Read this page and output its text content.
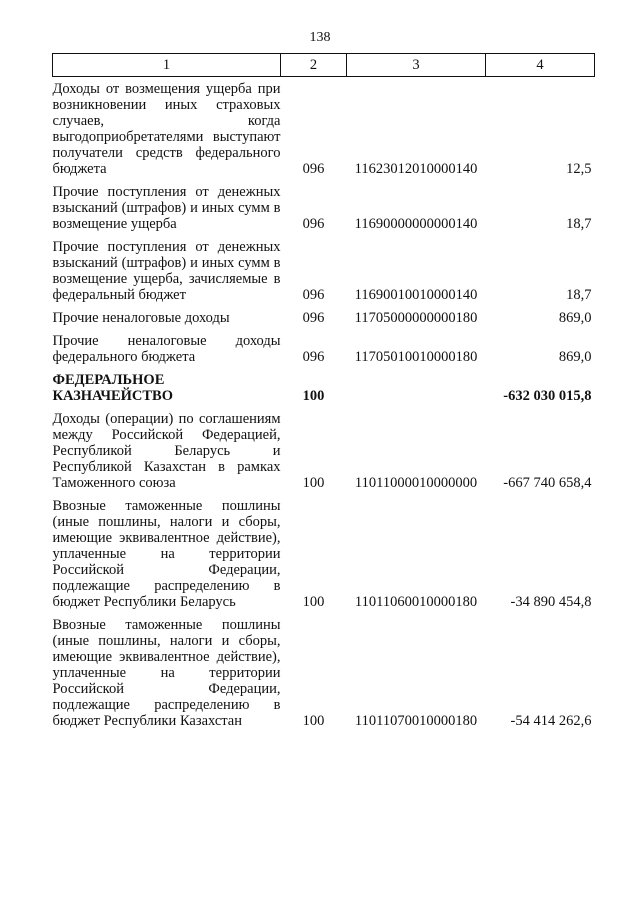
138
1	2	3	4
Доходы от возмещения ущерба при возникновении иных страховых случаев, когда выгодоприобретателями выступают получатели средств федерального бюджета	096	11623012010000140	12,5
Прочие поступления от денежных взысканий (штрафов) и иных сумм в возмещение ущерба	096	11690000000000140	18,7
Прочие поступления от денежных взысканий (штрафов) и иных сумм в возмещение ущерба, зачисляемые в федеральный бюджет	096	11690010010000140	18,7
Прочие неналоговые доходы	096	11705000000000180	869,0
Прочие неналоговые доходы федерального бюджета	096	11705010010000180	869,0
ФЕДЕРАЛЬНОЕ КАЗНАЧЕЙСТВО	100		-632 030 015,8
Доходы (операции) по соглашениям между Российской Федерацией, Республикой Беларусь и Республикой Казахстан в рамках Таможенного союза	100	11011000010000000	-667 740 658,4
Ввозные таможенные пошлины (иные пошлины, налоги и сборы, имеющие эквивалентное действие), уплаченные на территории Российской Федерации, подлежащие распределению в бюджет Республики Беларусь	100	11011060010000180	-34 890 454,8
Ввозные таможенные пошлины (иные пошлины, налоги и сборы, имеющие эквивалентное действие), уплаченные на территории Российской Федерации, подлежащие распределению в бюджет Республики Казахстан	100	11011070010000180	-54 414 262,6
